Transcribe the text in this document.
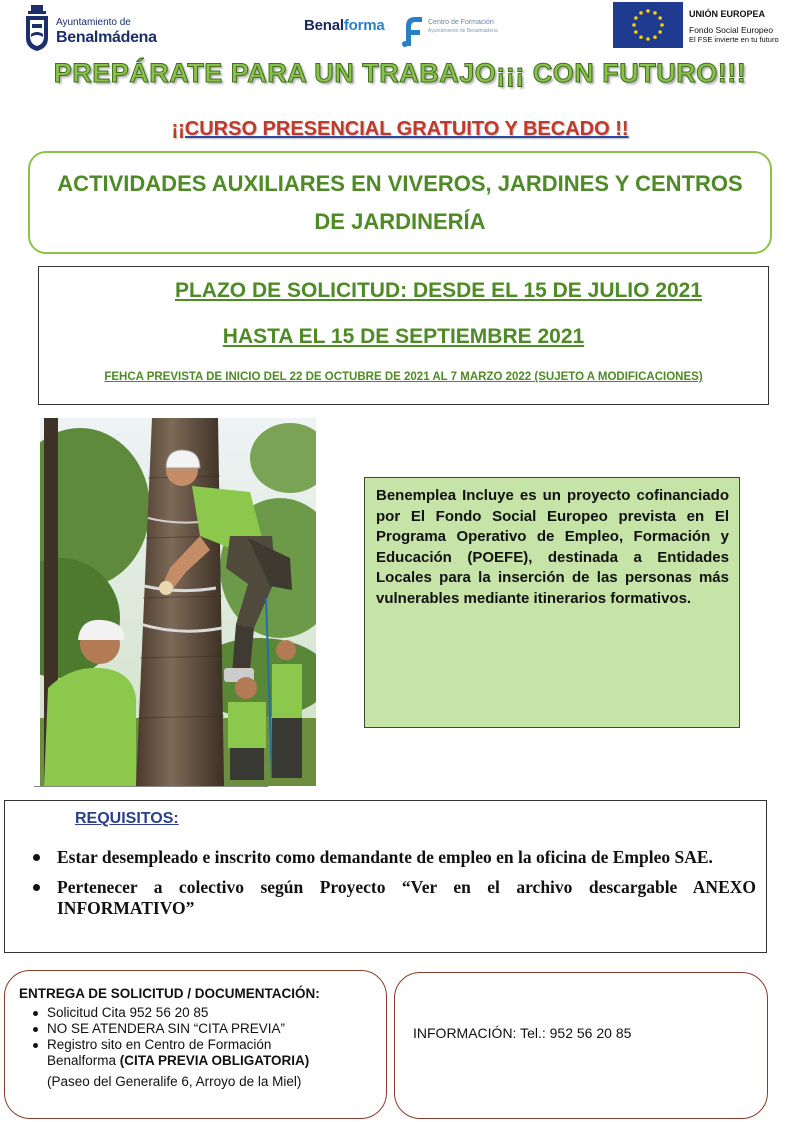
Ayuntamiento de
Benalmádena
Benalforma	Centro de Formación
Ayuntamiento de Benalmádena
UNIÓN EUROPEA
Fondo Social Europeo
El FSE invierte en tu futuro
PREPÁRATE PARA UN TRABAJO¡¡¡ CON FUTURO!!!
¡¡CURSO PRESENCIAL GRATUITO Y BECADO !!
ACTIVIDADES AUXILIARES EN VIVEROS, JARDINES Y CENTROS DE JARDINERÍA
PLAZO DE SOLICITUD: DESDE EL 15 DE JULIO 2021
HASTA EL 15 DE SEPTIEMBRE 2021
FEHCA PREVISTA DE INICIO DEL 22 DE OCTUBRE DE 2021 AL 7 MARZO 2022 (SUJETO A MODIFICACIONES)
Benemplea Incluye es un proyecto cofinanciado por El Fondo Social Europeo prevista en El Programa Operativo de Empleo, Formación y Educación (POEFE), destinada a Entidades Locales para la inserción de las personas más vulnerables mediante itinerarios formativos.
REQUISITOS:
Estar desempleado e inscrito como demandante de empleo en la oficina de Empleo SAE.
Pertenecer a colectivo según Proyecto “Ver en el archivo descargable ANEXO INFORMATIVO”
ENTREGA DE SOLICITUD / DOCUMENTACIÓN:
Solicitud Cita 952 56 20 85
NO SE ATENDERA SIN “CITA PREVIA”
Registro sito en Centro de Formación
Benalforma (CITA PREVIA OBLIGATORIA)
(Paseo del Generalife 6, Arroyo de la Miel)
INFORMACIÓN: Tel.: 952 56 20 85
